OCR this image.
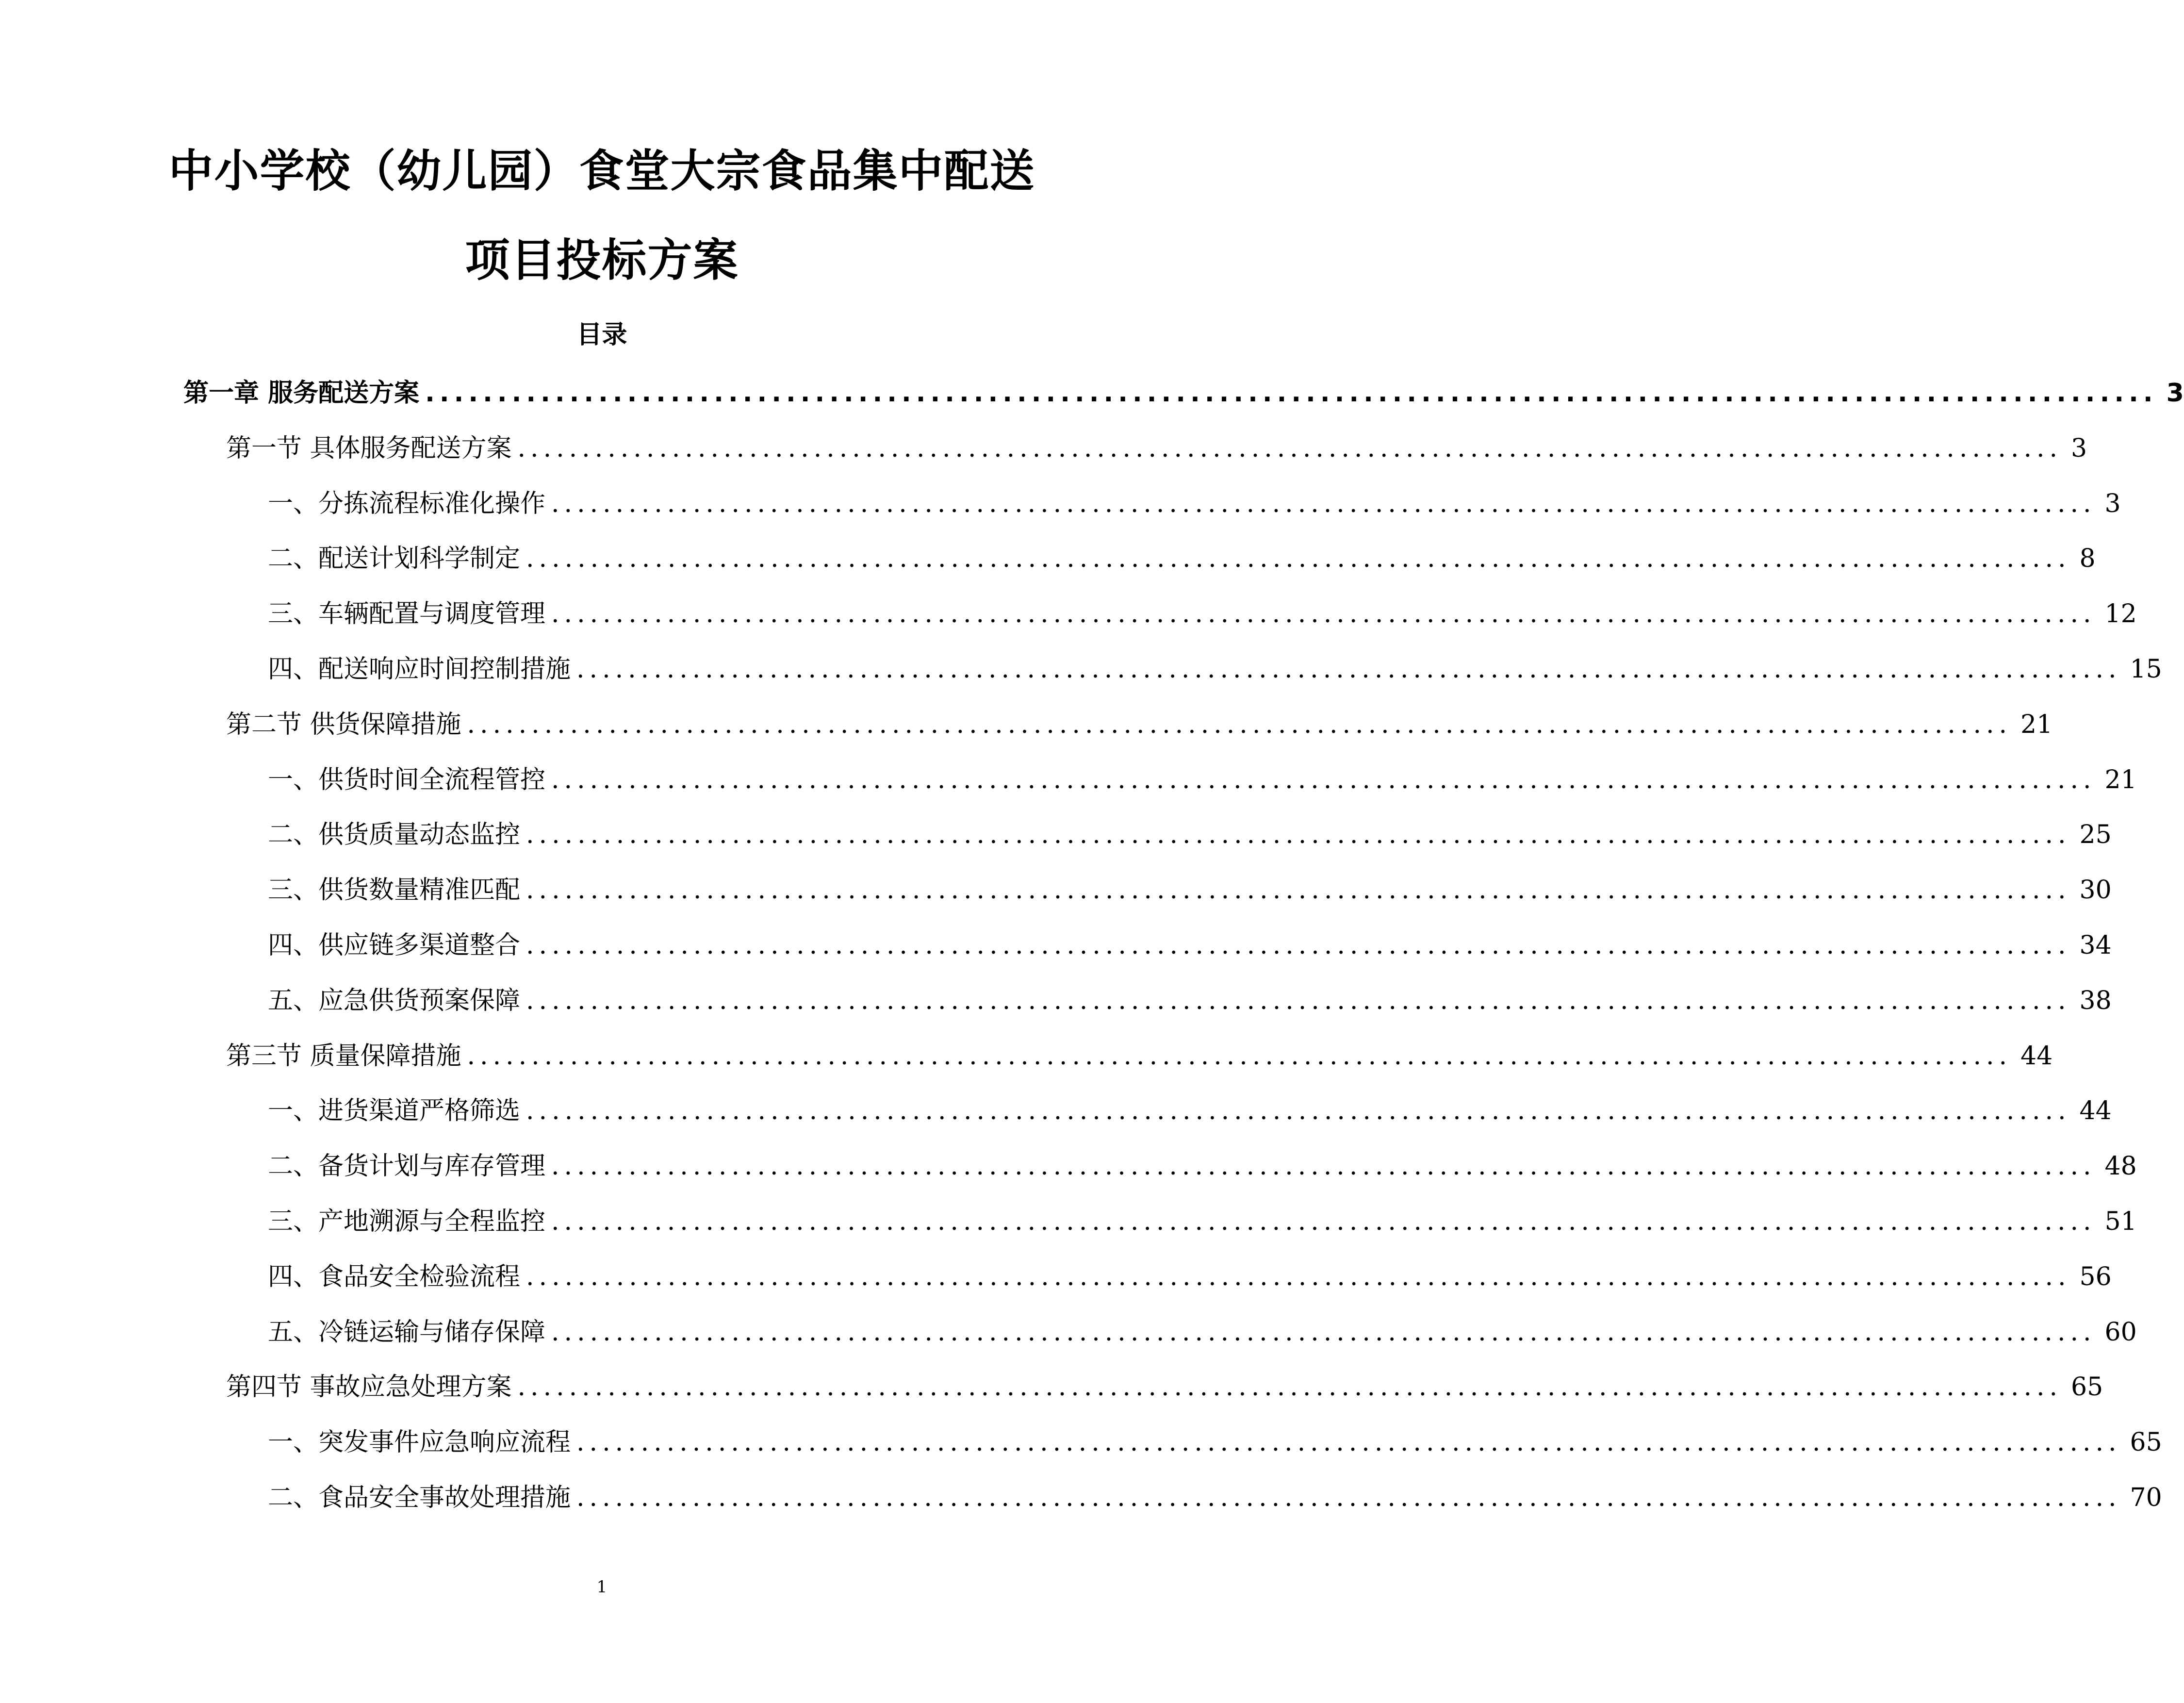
中小学校（幼儿园）食堂大宗食品集中配送
项目投标方案
目录
第一章 服务配送方案 ........................................................................................................................ 3
第一节 具体服务配送方案 ........................................................................................................................ 3
一、分拣流程标准化操作 ........................................................................................................................ 3
二、配送计划科学制定 ........................................................................................................................ 8
三、车辆配置与调度管理 ........................................................................................................................ 12
四、配送响应时间控制措施 ........................................................................................................................ 15
第二节 供货保障措施 ........................................................................................................................ 21
一、供货时间全流程管控 ........................................................................................................................ 21
二、供货质量动态监控 ........................................................................................................................ 25
三、供货数量精准匹配 ........................................................................................................................ 30
四、供应链多渠道整合 ........................................................................................................................ 34
五、应急供货预案保障 ........................................................................................................................ 38
第三节 质量保障措施 ........................................................................................................................ 44
一、进货渠道严格筛选 ........................................................................................................................ 44
二、备货计划与库存管理 ........................................................................................................................ 48
三、产地溯源与全程监控 ........................................................................................................................ 51
四、食品安全检验流程 ........................................................................................................................ 56
五、冷链运输与储存保障 ........................................................................................................................ 60
第四节 事故应急处理方案 ........................................................................................................................ 65
一、突发事件应急响应流程 ........................................................................................................................ 65
二、食品安全事故处理措施 ........................................................................................................................ 70
1
